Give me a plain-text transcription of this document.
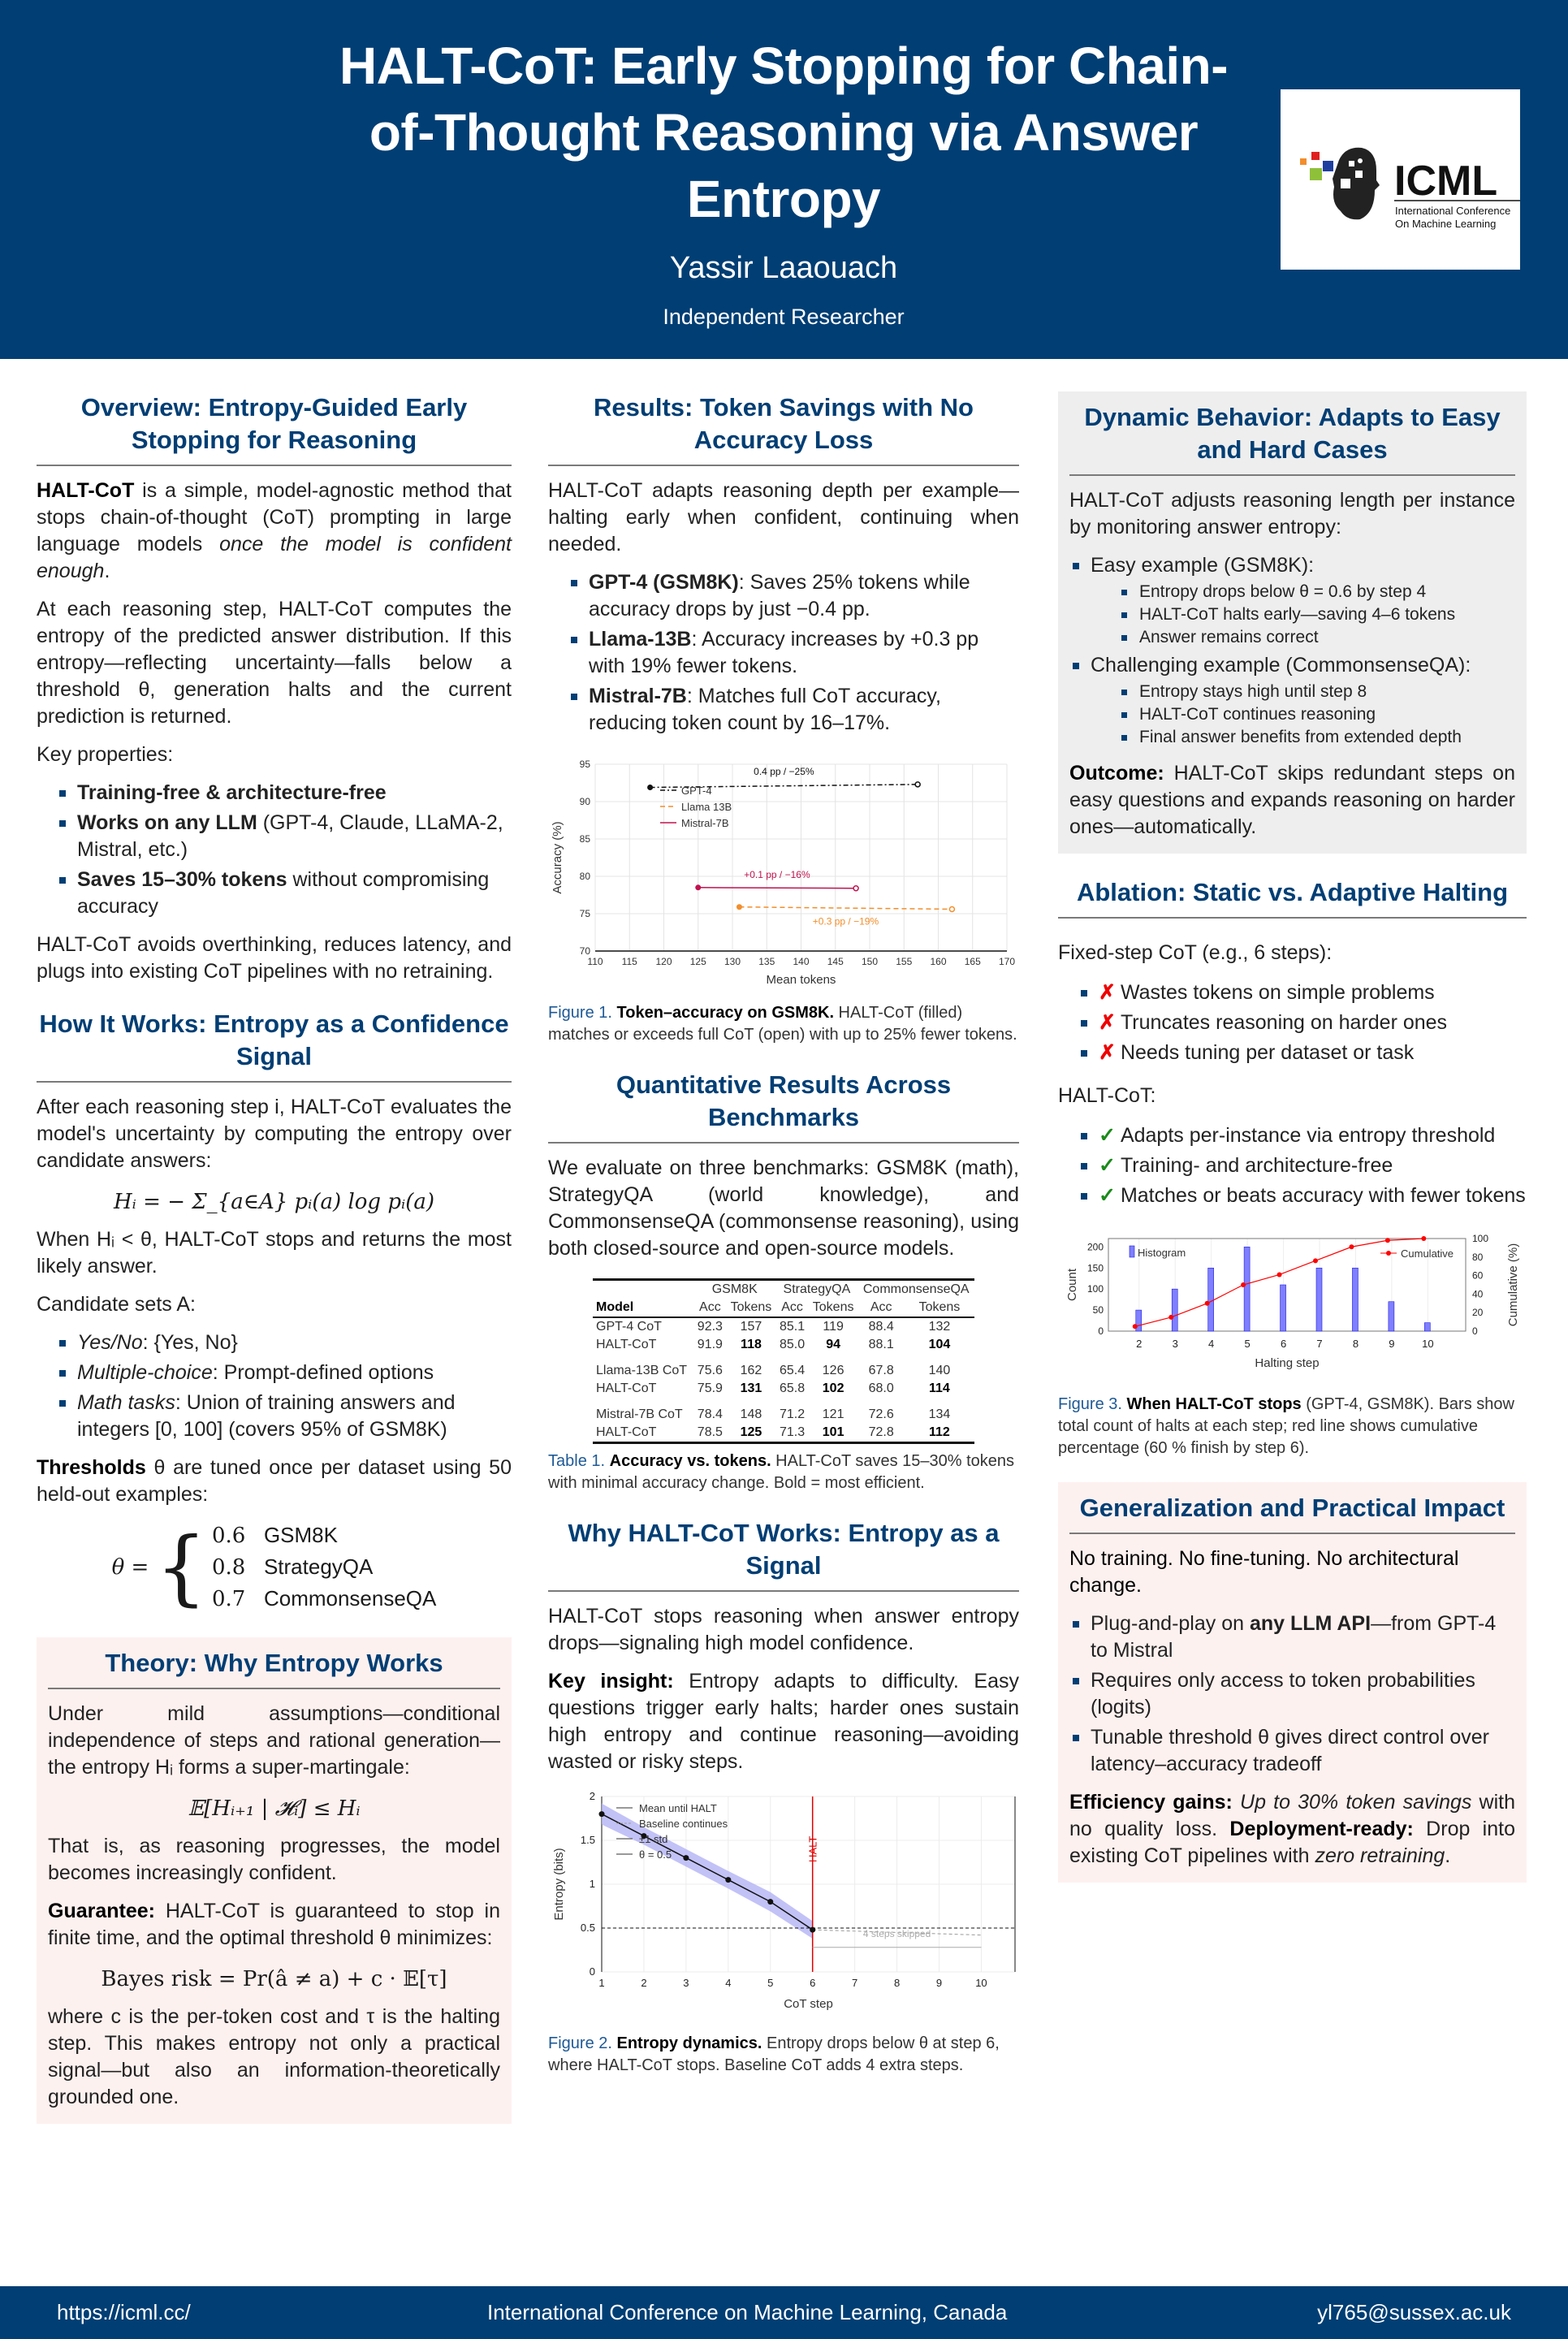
HALT-CoT: Early Stopping for Chain-of-Thought Reasoning via Answer Entropy
Yassir Laaouach
Independent Researcher
ICML
International Conference
On Machine Learning
Overview: Entropy-Guided Early Stopping for Reasoning

HALT-CoT is a simple, model-agnostic method that stops chain-of-thought (CoT) prompting in large language models once the model is confident enough.

At each reasoning step, HALT-CoT computes the entropy of the predicted answer distribution. If this entropy—reflecting uncertainty—falls below a threshold θ, generation halts and the current prediction is returned.

Key properties:

Training-free & architecture-free
Works on any LLM (GPT-4, Claude, LLaMA-2, Mistral, etc.)
Saves 15–30% tokens without compromising accuracy

HALT-CoT avoids overthinking, reduces latency, and plugs into existing CoT pipelines with no retraining.

How It Works: Entropy as a Confidence Signal

After each reasoning step i, HALT-CoT evaluates the model's uncertainty by computing the entropy over candidate answers:

Hᵢ = − Σ_{a∈A} pᵢ(a) log pᵢ(a)

When Hᵢ < θ, HALT-CoT stops and returns the most likely answer.

Candidate sets A:

Yes/No: {Yes, No}
Multiple-choice: Prompt-defined options
Math tasks: Union of training answers and integers [0, 100] (covers 95% of GSM8K)

Thresholds θ are tuned once per dataset using 50 held-out examples:

θ = { 0.6 GSM8K
0.8 StrategyQA
0.7 CommonsenseQA
Theory: Why Entropy Works

Under mild assumptions—conditional independence of steps and rational generation—the entropy Hᵢ forms a super-martingale:

𝔼[Hᵢ₊₁ | 𝓗ᵢ] ≤ Hᵢ

That is, as reasoning progresses, the model becomes increasingly confident.

Guarantee: HALT-CoT is guaranteed to stop in finite time, and the optimal threshold θ minimizes:

Bayes risk = Pr(â ≠ a) + c · 𝔼[τ]

where c is the per-token cost and τ is the halting step. This makes entropy not only a practical signal—but also an information-theoretically grounded one.

Results: Token Savings with No Accuracy Loss

HALT-CoT adapts reasoning depth per example—halting early when confident, continuing when needed.

GPT-4 (GSM8K): Saves 25% tokens while accuracy drops by just −0.4 pp.
Llama-13B: Accuracy increases by +0.3 pp with 19% fewer tokens.
Mistral-7B: Matches full CoT accuracy, reducing token count by 16–17%.
110 115 120 125 130 135 140 145 150 155 160 165 170
70
75
80
85
90
95
Mean tokens
Accuracy (%)
0.4 pp / −25%
GPT-4
+0.3 pp / −19%
Llama 13B
+0.1 pp / −16%
Mistral-7B

Figure 1. Token–accuracy on GSM8K. HALT-CoT (filled) matches or exceeds full CoT (open) with up to 25% fewer tokens.

Quantitative Results Across Benchmarks

We evaluate on three benchmarks: GSM8K (math), StrategyQA (world knowledge), and CommonsenseQA (commonsense reasoning), using both closed-source and open-source models.

	GSM8K		StrategyQA		CommonsenseQA	
Model	Acc	Tokens	Acc	Tokens	Acc	Tokens
GPT-4 CoT	92.3	157	85.1	119	88.4	132
HALT-CoT	91.9	118	85.0	94	88.1	104
Llama-13B CoT	75.6	162	65.4	126	67.8	140
HALT-CoT	75.9	131	65.8	102	68.0	114
Mistral-7B CoT	78.4	148	71.2	121	72.6	134
HALT-CoT	78.5	125	71.3	101	72.8	112

Table 1. Accuracy vs. tokens. HALT-CoT saves 15–30% tokens with minimal accuracy change. Bold = most efficient.

Why HALT-CoT Works: Entropy as a Signal

HALT-CoT stops reasoning when answer entropy drops—signaling high model confidence.

Key insight: Entropy adapts to difficulty. Easy questions trigger early halts; harder ones sustain high entropy and continue reasoning—avoiding wasted or risky steps.

1	2	3	4	5	6	7	8	9	10
0
0.5
1
1.5
2
CoT step
Entropy (bits)	HALT
4 steps skipped
Mean until HALT
Baseline continues
±1 std
θ = 0.5

Figure 2. Entropy dynamics. Entropy drops below θ at step 6, where HALT-CoT stops. Baseline CoT adds 4 extra steps.

Dynamic Behavior: Adapts to Easy and Hard Cases

HALT-CoT adjusts reasoning length per instance by monitoring answer entropy:

Easy example (GSM8K):
Entropy drops below θ = 0.6 by step 4
HALT-CoT halts early—saving 4–6 tokens
Answer remains correct
Challenging example (CommonsenseQA):
Entropy stays high until step 8
HALT-CoT continues reasoning
Final answer benefits from extended depth

Outcome: HALT-CoT skips redundant steps on easy questions and expands reasoning on harder ones—automatically.

Ablation: Static vs. Adaptive Halting

Fixed-step CoT (e.g., 6 steps):

✗ Wastes tokens on simple problems
✗ Truncates reasoning on harder ones
✗ Needs tuning per dataset or task

HALT-CoT:

✓ Adapts per-instance via entropy threshold
✓ Training- and architecture-free
✓ Matches or beats accuracy with fewer tokens
2	3	4	5	6	7	8	9	10
0
50
100
150
200
0
20
40
60
80
100
Histogram	Cumulative
Halting step
Count	Cumulative (%)

Figure 3. When HALT-CoT stops (GPT-4, GSM8K). Bars show total count of halts at each step; red line shows cumulative percentage (60 % finish by step 6).

Generalization and Practical Impact

No training. No fine-tuning. No architectural change.

Plug-and-play on any LLM API—from GPT-4 to Mistral
Requires only access to token probabilities (logits)
Tunable threshold θ gives direct control over latency–accuracy tradeoff

Efficiency gains: Up to 30% token savings with no quality loss. Deployment-ready: Drop into existing CoT pipelines with zero retraining.

https://icml.cc/	International Conference on Machine Learning, Canada	yl765@sussex.ac.uk
